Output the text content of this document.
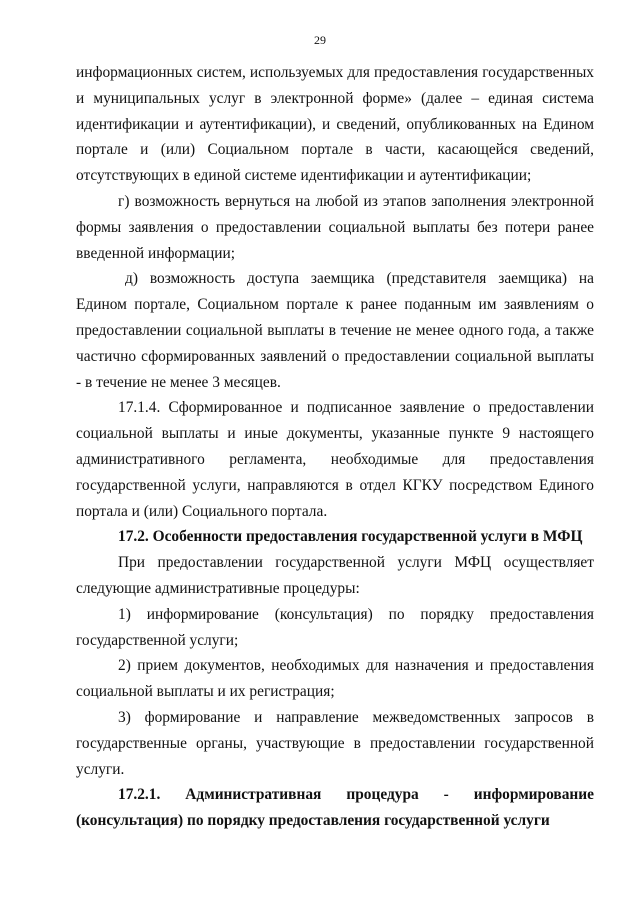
29

информационных систем, используемых для предоставления государственных и муниципальных услуг в электронной форме» (далее – единая система идентификации и аутентификации), и сведений, опубликованных на Едином портале и (или) Социальном портале в части, касающейся сведений, отсутствующих в единой системе идентификации и аутентификации;

г) возможность вернуться на любой из этапов заполнения электронной формы заявления о предоставлении социальной выплаты без потери ранее введенной информации;

д) возможность доступа заемщика (представителя заемщика) на Едином портале, Социальном портале к ранее поданным им заявлениям о предоставлении социальной выплаты в течение не менее одного года, а также частично сформированных заявлений о предоставлении социальной выплаты - в течение не менее 3 месяцев.

17.1.4. Сформированное и подписанное заявление о предоставлении социальной выплаты и иные документы, указанные пункте 9 настоящего административного регламента, необходимые для предоставления государственной услуги, направляются в отдел КГКУ посредством Единого портала и (или) Социального портала.

17.2. Особенности предоставления государственной услуги в МФЦ

При предоставлении государственной услуги МФЦ осуществляет следующие административные процедуры:

1) информирование (консультация) по порядку предоставления государственной услуги;

2) прием документов, необходимых для назначения и предоставления социальной выплаты и их регистрация;

3) формирование и направление межведомственных запросов в государственные органы, участвующие в предоставлении государственной услуги.

17.2.1. Административная процедура - информирование (консультация) по порядку предоставления государственной услуги
